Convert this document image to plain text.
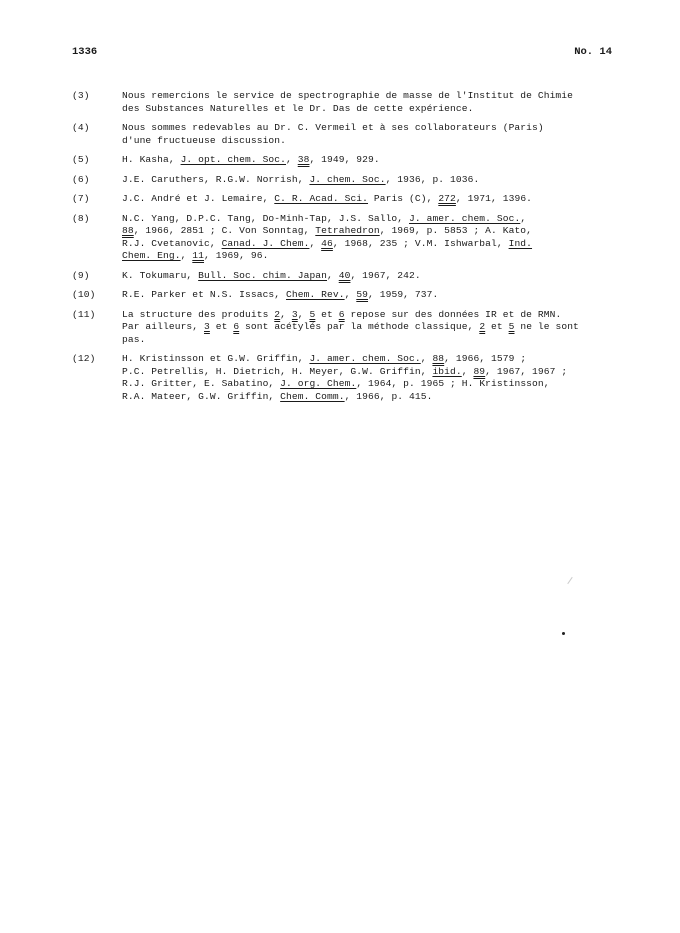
1336	No. 14
(3)	Nous remercions le service de spectrographie de masse de l'Institut de Chimie
des Substances Naturelles et le Dr. Das de cette expérience.
(4)	Nous sommes redevables au Dr. C. Vermeil et à ses collaborateurs (Paris)
d'une fructueuse discussion.
(5)	H. Kasha, J. opt. chem. Soc., 38, 1949, 929.
(6)	J.E. Caruthers, R.G.W. Norrish, J. chem. Soc., 1936, p. 1036.
(7)	J.C. André et J. Lemaire, C. R. Acad. Sci. Paris (C), 272, 1971, 1396.
(8)	N.C. Yang, D.P.C. Tang, Do-Minh-Tap, J.S. Sallo, J. amer. chem. Soc.,
88, 1966, 2851 ; C. Von Sonntag, Tetrahedron, 1969, p. 5853 ; A. Kato,
R.J. Cvetanovic, Canad. J. Chem., 46, 1968, 235 ; V.M. Ishwarbal, Ind.
Chem. Eng., 11, 1969, 96.
(9)	K. Tokumaru, Bull. Soc. chim. Japan, 40, 1967, 242.
(10)	R.E. Parker et N.S. Issacs, Chem. Rev., 59, 1959, 737.
(11)	La structure des produits 2, 3, 5 et 6 repose sur des données IR et de RMN.
Par ailleurs, 3 et 6 sont acétylés par la méthode classique, 2 et 5 ne le sont
pas.
(12)	H. Kristinsson et G.W. Griffin, J. amer. chem. Soc., 88, 1966, 1579 ;
P.C. Petrellis, H. Dietrich, H. Meyer, G.W. Griffin, ibid., 89, 1967, 1967 ;
R.J. Gritter, E. Sabatino, J. org. Chem., 1964, p. 1965 ; H. Kristinsson,
R.A. Mateer, G.W. Griffin, Chem. Comm., 1966, p. 415.
